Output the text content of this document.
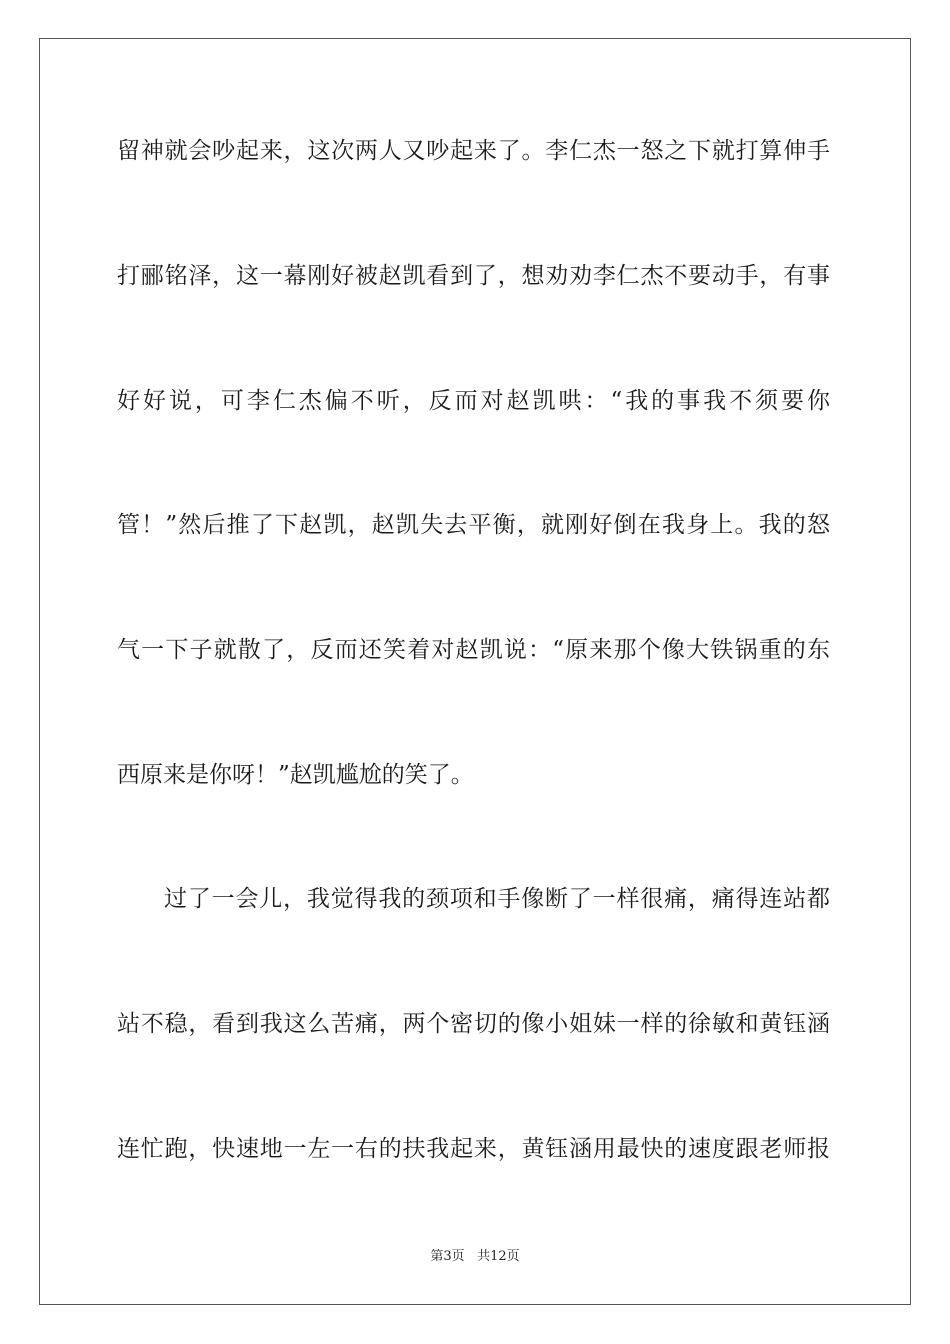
留神就会吵起来，这次两人又吵起来了。李仁杰一怒之下就打算伸手
打郦铭泽，这一幕刚好被赵凯看到了，想劝劝李仁杰不要动手，有事
好好说，可李仁杰偏不听，反而对赵凯哄：“我的事我不须要你
管！”然后推了下赵凯，赵凯失去平衡，就刚好倒在我身上。我的怒
气一下子就散了，反而还笑着对赵凯说：“原来那个像大铁锅重的东
西原来是你呀！”赵凯尴尬的笑了。
过了一会儿，我觉得我的颈项和手像断了一样很痛，痛得连站都
站不稳，看到我这么苦痛，两个密切的像小姐妹一样的徐敏和黄钰涵
连忙跑，快速地一左一右的扶我起来，黄钰涵用最快的速度跟老师报
第3页 共12页
